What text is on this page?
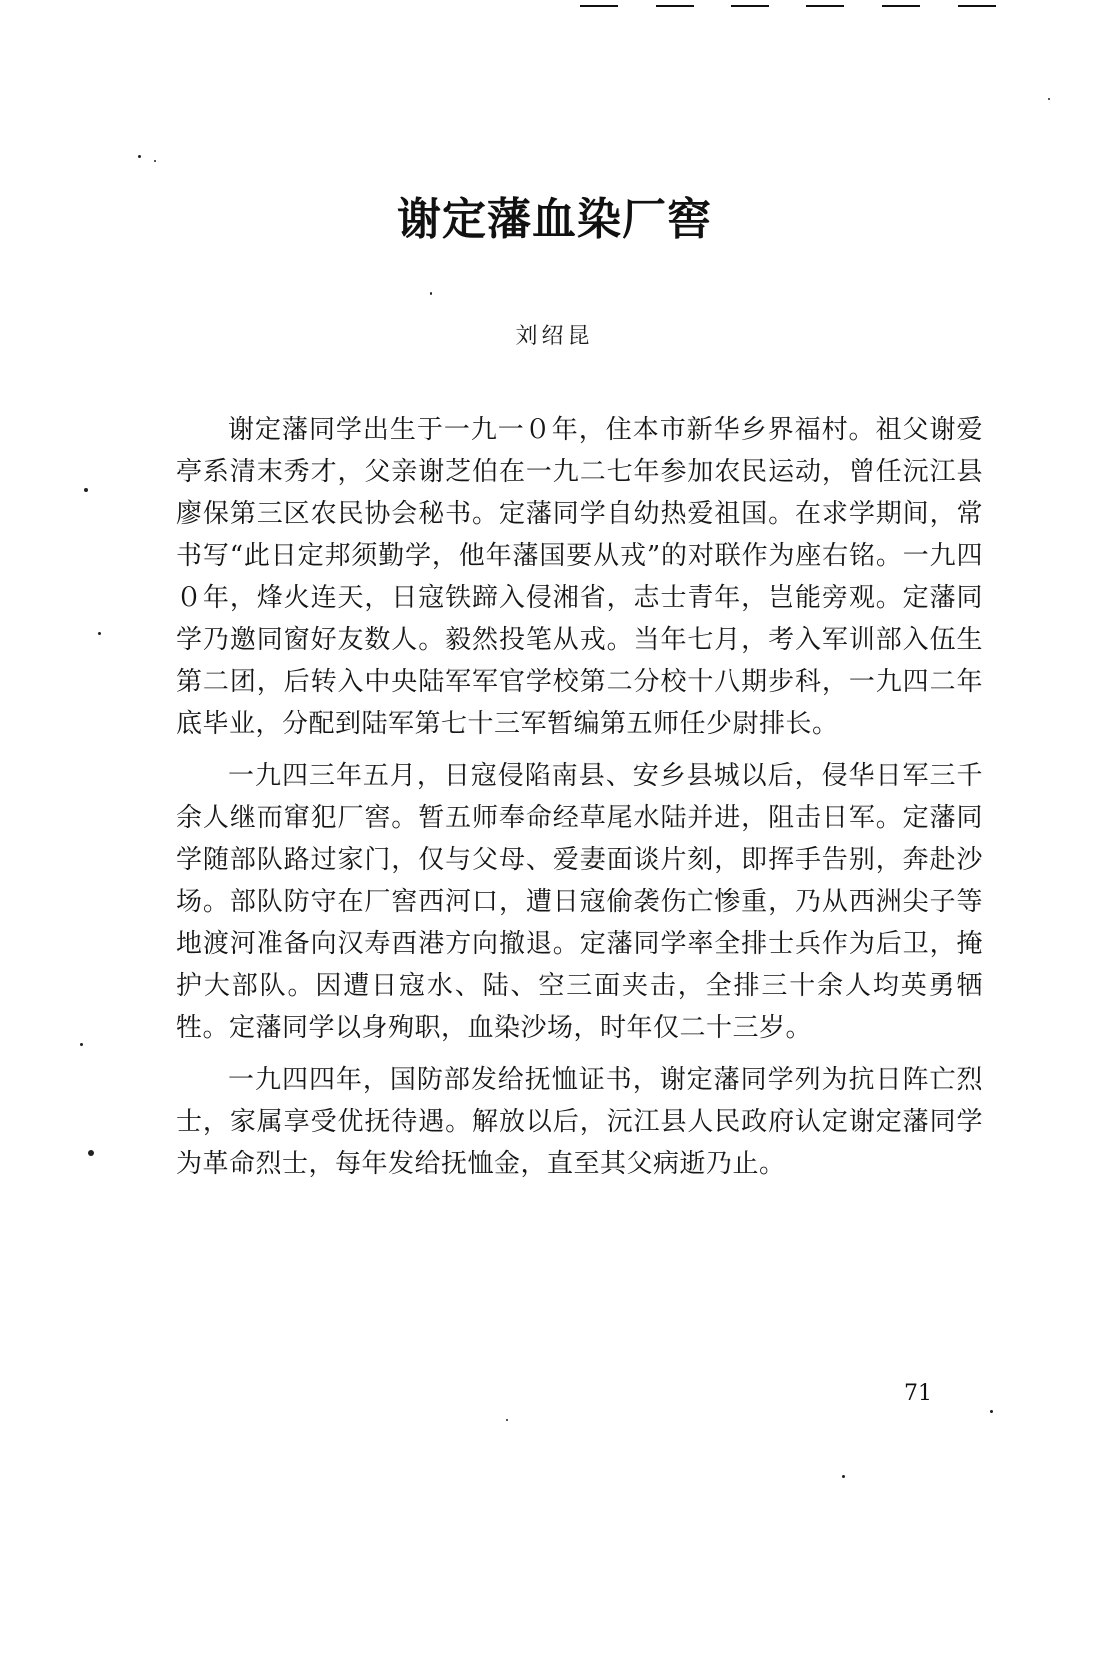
谢定藩血染厂窖

刘绍昆

谢定藩同学出生于一九一０年，住本市新华乡界福村。祖父谢爱亭系清末秀才，父亲谢芝伯在一九二七年参加农民运动，曾任沅江县廖保第三区农民协会秘书。定藩同学自幼热爱祖国。在求学期间，常书写“此日定邦须勤学，他年藩国要从戎”的对联作为座右铭。一九四０年，烽火连天，日寇铁蹄入侵湘省，志士青年，岂能旁观。定藩同学乃邀同窗好友数人。毅然投笔从戎。当年七月，考入军训部入伍生第二团，后转入中央陆军军官学校第二分校十八期步科，一九四二年底毕业，分配到陆军第七十三军暂编第五师任少尉排长。

一九四三年五月，日寇侵陷南县、安乡县城以后，侵华日军三千余人继而窜犯厂窖。暂五师奉命经草尾水陆并进，阻击日军。定藩同学随部队路过家门，仅与父母、爱妻面谈片刻，即挥手告别，奔赴沙场。部队防守在厂窖西河口，遭日寇偷袭伤亡惨重，乃从西洲尖子等地渡河准备向汉寿酉港方向撤退。定藩同学率全排士兵作为后卫，掩护大部队。因遭日寇水、陆、空三面夹击，全排三十余人均英勇牺牲。定藩同学以身殉职，血染沙场，时年仅二十三岁。

一九四四年，国防部发给抚恤证书，谢定藩同学列为抗日阵亡烈士，家属享受优抚待遇。解放以后，沅江县人民政府认定谢定藩同学为革命烈士，每年发给抚恤金，直至其父病逝乃止。

71
